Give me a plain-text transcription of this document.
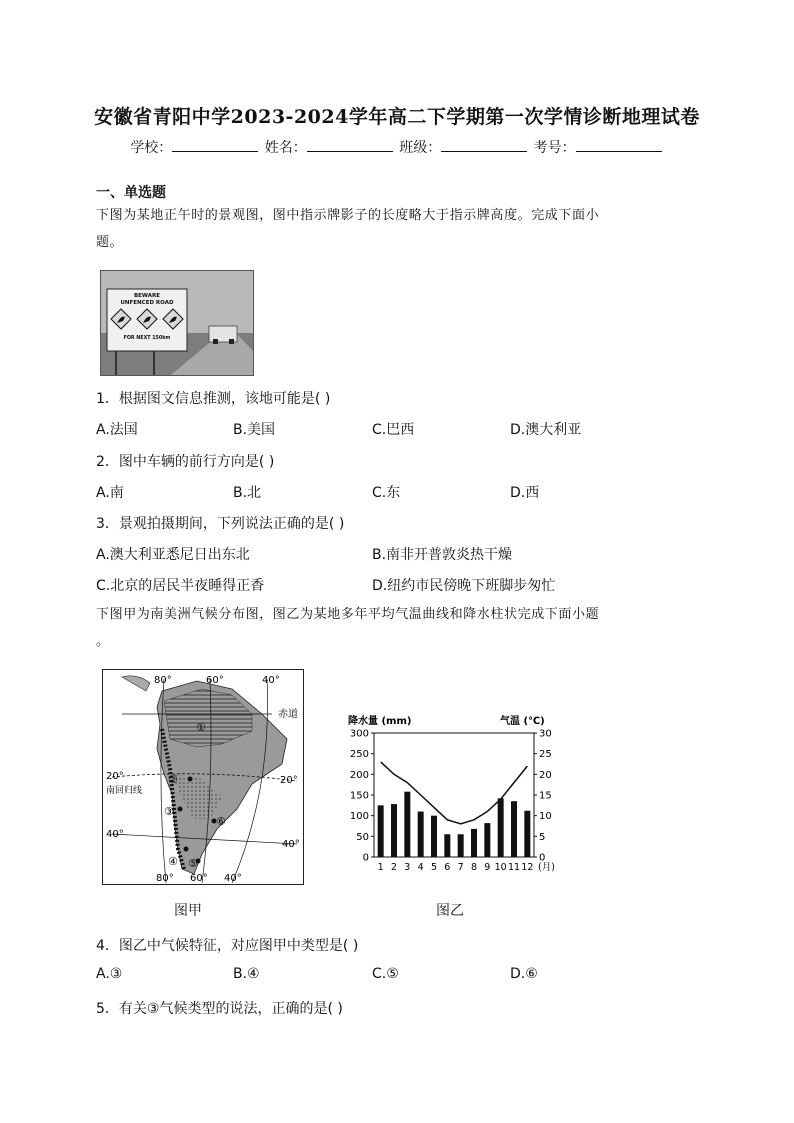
安徽省青阳中学2023-2024学年高二下学期第一次学情诊断地理试卷
学校：	姓名：	班级：	考号：
一、单选题
下图为某地正午时的景观图，图中指示牌影子的长度略大于指示牌高度。完成下面小
题。
BEWARE
UNFENCED ROAD
FOR NEXT 150km
1．根据图文信息推测，该地可能是( )
A.法国	B.美国	C.巴西	D.澳大利亚
2．图中车辆的前行方向是( )
A.南	B.北	C.东	D.西
3．景观拍摄期间，下列说法正确的是( )
A.澳大利亚悉尼日出东北	B.南非开普敦炎热干燥
C.北京的居民半夜睡得正香	D.纽约市民傍晚下班脚步匆忙
下图甲为南美洲气候分布图，图乙为某地多年平均气温曲线和降水柱状完成下面小题
。
80°	60°	40°
赤道
20°	20°
南回归线
40°
40°
80° 60° 40°
①
②
③
④ ⑤
⑥
图甲
降水量 (mm)	气温 (℃)
300	30
250	25
200	20
150	15
100	10
50	5
0	0
1 2 3 4 5 6 7 8 9 10 11 12 (月)
图乙
4．图乙中气候特征，对应图甲中类型是( )
A.③	B.④	C.⑤	D.⑥
5．有关③气候类型的说法，正确的是( )
